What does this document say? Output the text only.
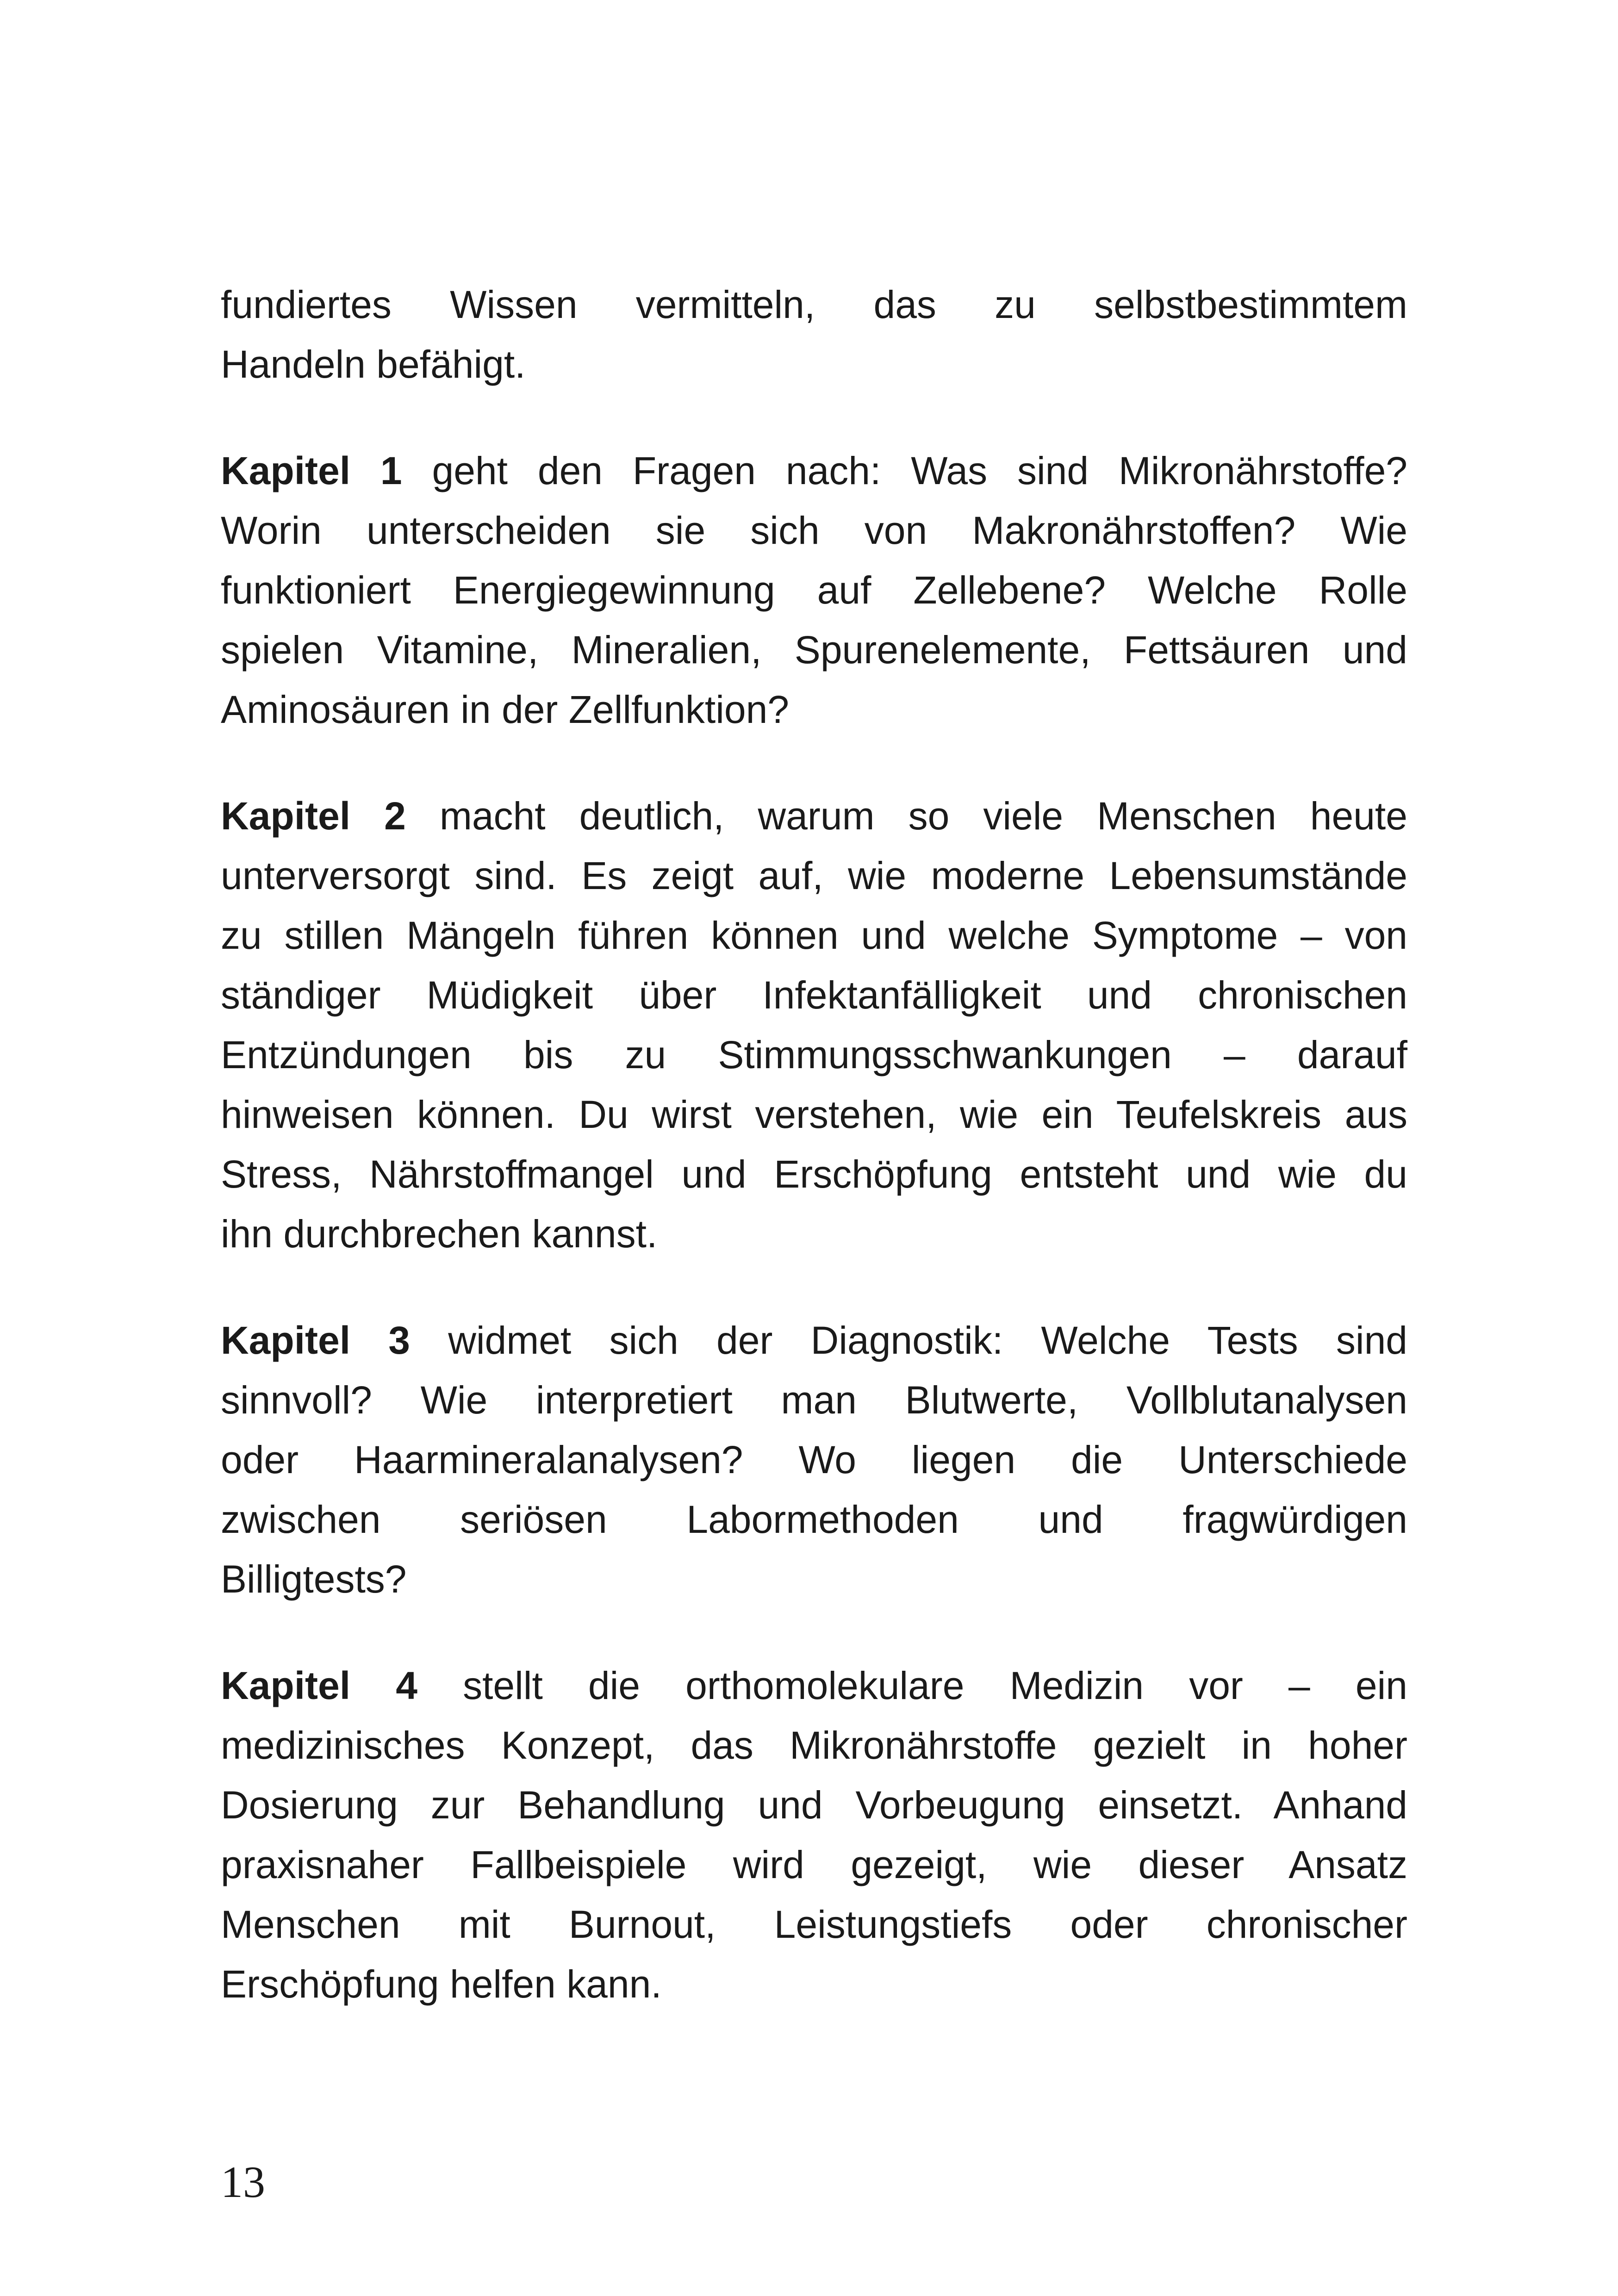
fundiertes Wissen vermitteln, das zu selbstbestimmtem
Handeln befähigt.
Kapitel 1 geht den Fragen nach: Was sind Mikronährstoffe?
Worin unterscheiden sie sich von Makronährstoffen? Wie
funktioniert Energiegewinnung auf Zellebene? Welche Rolle
spielen Vitamine, Mineralien, Spurenelemente, Fettsäuren und
Aminosäuren in der Zellfunktion?
Kapitel 2 macht deutlich, warum so viele Menschen heute
unterversorgt sind. Es zeigt auf, wie moderne Lebensumstände
zu stillen Mängeln führen können und welche Symptome – von
ständiger Müdigkeit über Infektanfälligkeit und chronischen
Entzündungen bis zu Stimmungsschwankungen – darauf
hinweisen können. Du wirst verstehen, wie ein Teufelskreis aus
Stress, Nährstoffmangel und Erschöpfung entsteht und wie du
ihn durchbrechen kannst.
Kapitel 3 widmet sich der Diagnostik: Welche Tests sind
sinnvoll? Wie interpretiert man Blutwerte, Vollblutanalysen
oder Haarmineralanalysen? Wo liegen die Unterschiede
zwischen seriösen Labormethoden und fragwürdigen
Billigtests?
Kapitel 4 stellt die orthomolekulare Medizin vor – ein
medizinisches Konzept, das Mikronährstoffe gezielt in hoher
Dosierung zur Behandlung und Vorbeugung einsetzt. Anhand
praxisnaher Fallbeispiele wird gezeigt, wie dieser Ansatz
Menschen mit Burnout, Leistungstiefs oder chronischer
Erschöpfung helfen kann.
13
